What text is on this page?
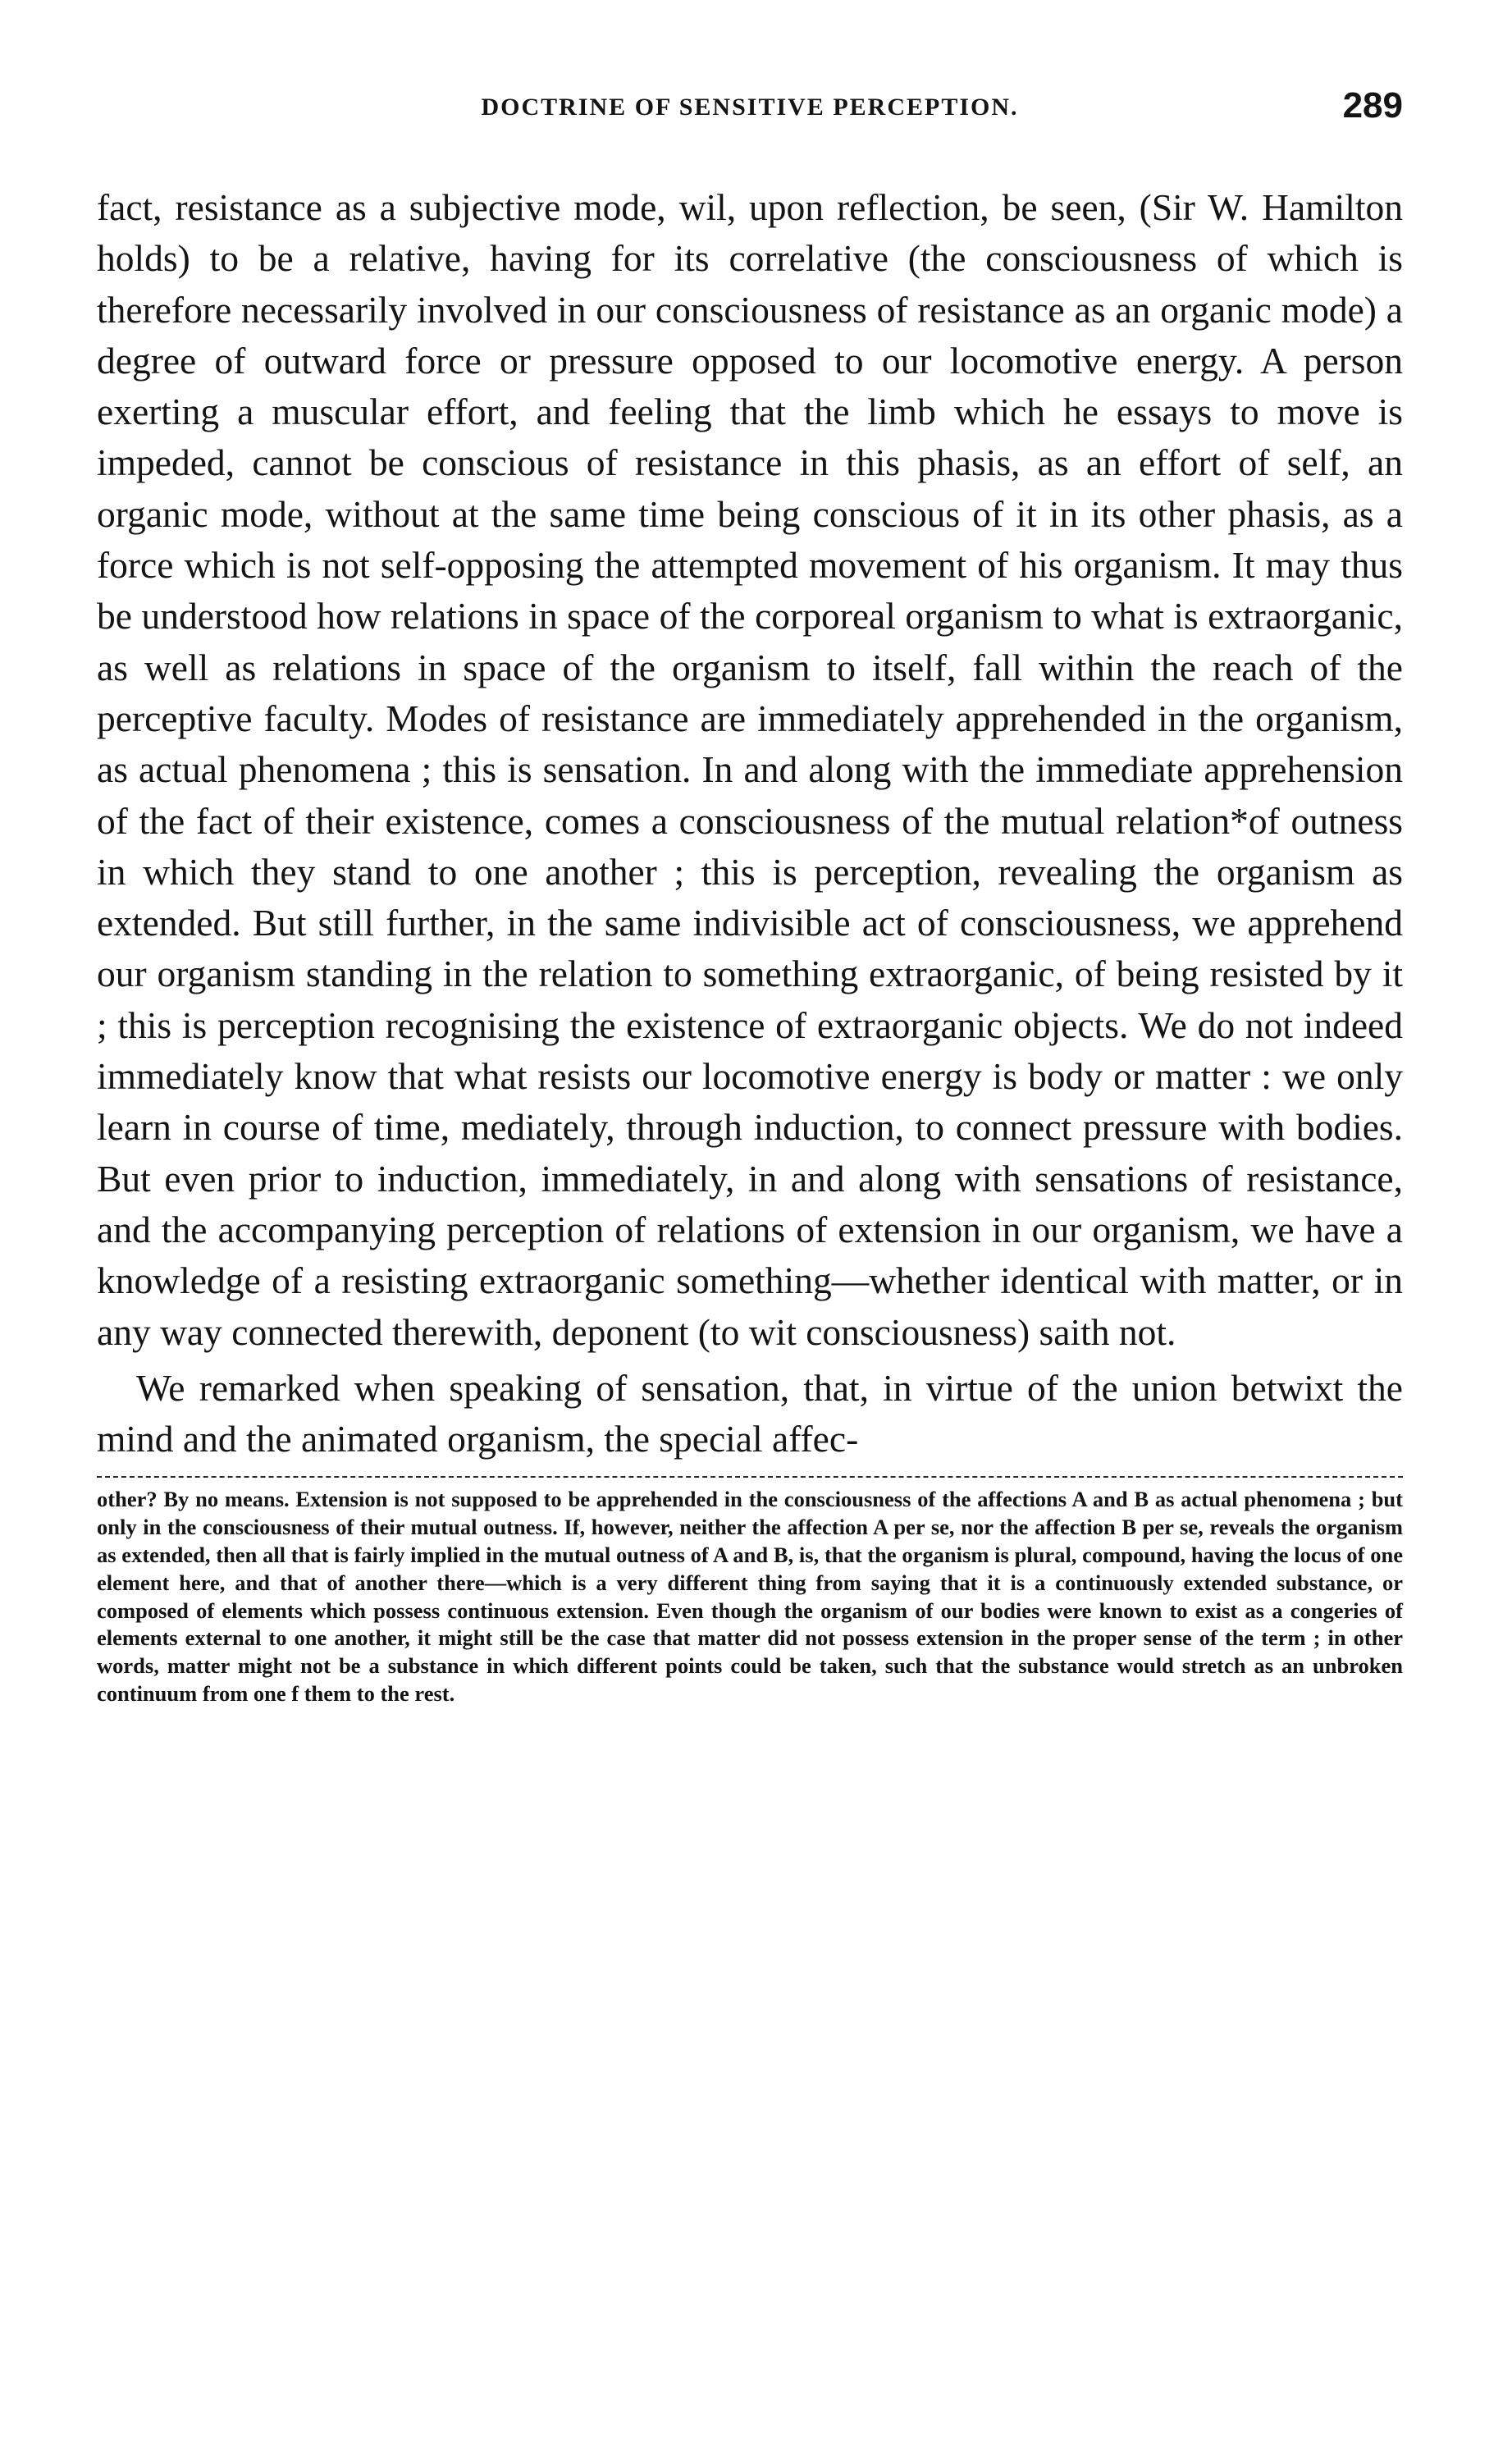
DOCTRINE OF SENSITIVE PERCEPTION.	289

fact, resistance as a subjective mode, wil, upon reflection, be seen, (Sir W. Hamilton holds) to be a relative, having for its correlative (the consciousness of which is therefore necessarily involved in our consciousness of resistance as an organic mode) a degree of outward force or pressure opposed to our locomotive energy. A person exerting a muscular effort, and feeling that the limb which he essays to move is impeded, cannot be conscious of resistance in this phasis, as an effort of self, an organic mode, without at the same time being conscious of it in its other phasis, as a force which is not self-opposing the attempted movement of his organism. It may thus be understood how relations in space of the corporeal organism to what is extraorganic, as well as relations in space of the organism to itself, fall within the reach of the perceptive faculty. Modes of resistance are immediately apprehended in the organism, as actual phenomena ; this is sensation. In and along with the immediate apprehension of the fact of their existence, comes a consciousness of the mutual relation*of outness in which they stand to one another ; this is perception, revealing the organism as extended. But still further, in the same indivisible act of consciousness, we apprehend our organism standing in the relation to something extraorganic, of being resisted by it ; this is perception recognising the existence of extraorganic objects. We do not indeed immediately know that what resists our locomotive energy is body or matter : we only learn in course of time, mediately, through induction, to connect pressure with bodies. But even prior to induction, immediately, in and along with sensations of resistance, and the accompanying perception of relations of extension in our organism, we have a knowledge of a resisting extraorganic something—whether identical with matter, or in any way connected therewith, deponent (to wit consciousness) saith not.

We remarked when speaking of sensation, that, in virtue of the union betwixt the mind and the animated organism, the special affec-

other? By no means. Extension is not supposed to be apprehended in the consciousness of the affections A and B as actual phenomena ; but only in the consciousness of their mutual outness. If, however, neither the affection A per se, nor the affection B per se, reveals the organism as extended, then all that is fairly implied in the mutual outness of A and B, is, that the organism is plural, compound, having the locus of one element here, and that of another there—which is a very different thing from saying that it is a continuously extended substance, or composed of elements which possess continuous extension. Even though the organism of our bodies were known to exist as a congeries of elements external to one another, it might still be the case that matter did not possess extension in the proper sense of the term ; in other words, matter might not be a substance in which different points could be taken, such that the substance would stretch as an unbroken continuum from one f them to the rest.
